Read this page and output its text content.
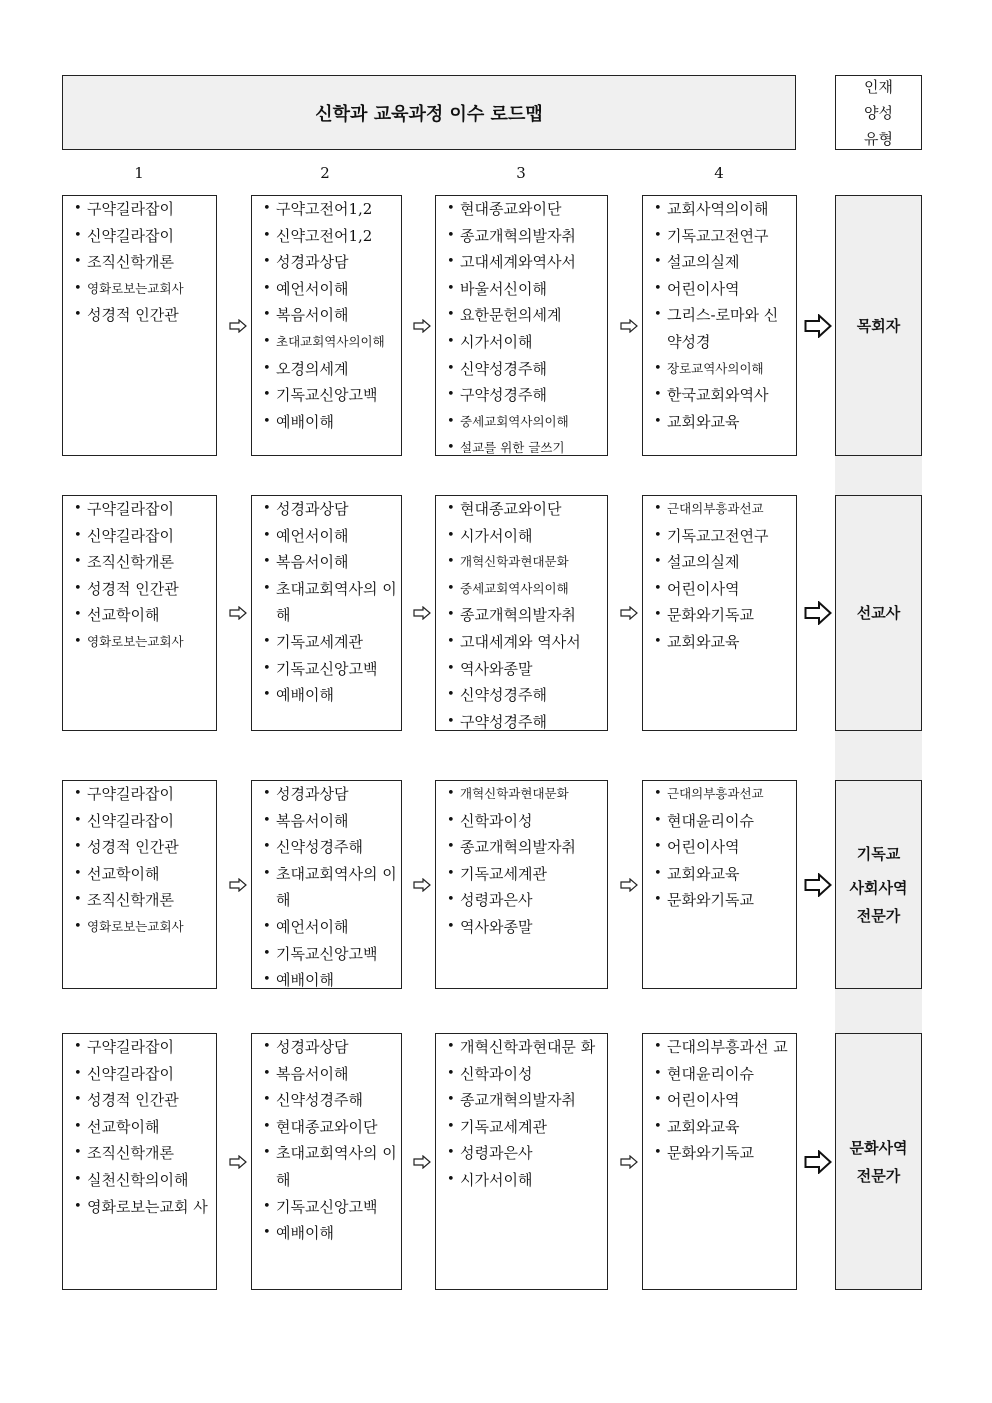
신학과 교육과정 이수 로드맵
인재
양성
유형
1	2	3	4
• 구약길라잡이
• 신약길라잡이
• 조직신학개론
• 영화로보는교회사
• 성경적 인간관
• 구약고전어1,2
• 신약고전어1,2
• 성경과상담
• 예언서이해
• 복음서이해
• 초대교회역사의이해
• 오경의세계
• 기독교신앙고백
• 예배이해
• 현대종교와이단
• 종교개혁의발자취
• 고대세계와역사서
• 바울서신이해
• 요한문헌의세계
• 시가서이해
• 신약성경주해
• 구약성경주해
• 중세교회역사의이해
• 설교를 위한 글쓰기
• 교회사역의이해
• 기독교고전연구
• 설교의실제
• 어린이사역
• 그리스-로마와 신약성경
• 장로교역사의이해
• 한국교회와역사
• 교회와교육
목회자
• 구약길라잡이
• 신약길라잡이
• 조직신학개론
• 성경적 인간관
• 선교학이해
• 영화로보는교회사
• 성경과상담
• 예언서이해
• 복음서이해
• 초대교회역사의 이해
• 기독교세계관
• 기독교신앙고백
• 예배이해
• 현대종교와이단
• 시가서이해
• 개혁신학과현대문화
• 중세교회역사의이해
• 종교개혁의발자취
• 고대세계와 역사서
• 역사와종말
• 신약성경주해
• 구약성경주해
• 근대의부흥과선교
• 기독교고전연구
• 설교의실제
• 어린이사역
• 문화와기독교
• 교회와교육
선교사
• 구약길라잡이
• 신약길라잡이
• 성경적 인간관
• 선교학이해
• 조직신학개론
• 영화로보는교회사
• 성경과상담
• 복음서이해
• 신약성경주해
• 초대교회역사의 이해
• 예언서이해
• 기독교신앙고백
• 예배이해
• 개혁신학과현대문화
• 신학과이성
• 종교개혁의발자취
• 기독교세계관
• 성령과은사
• 역사와종말
• 근대의부흥과선교
• 현대윤리이슈
• 어린이사역
• 교회와교육
• 문화와기독교
기독교
사회사역
전문가
• 구약길라잡이
• 신약길라잡이
• 성경적 인간관
• 선교학이해
• 조직신학개론
• 실천신학의이해
• 영화로보는교회 사
• 성경과상담
• 복음서이해
• 신약성경주해
• 현대종교와이단
• 초대교회역사의 이해
• 기독교신앙고백
• 예배이해
• 개혁신학과현대문 화
• 신학과이성
• 종교개혁의발자취
• 기독교세계관
• 성령과은사
• 시가서이해
• 근대의부흥과선 교
• 현대윤리이슈
• 어린이사역
• 교회와교육
• 문화와기독교	문화사역
전문가
